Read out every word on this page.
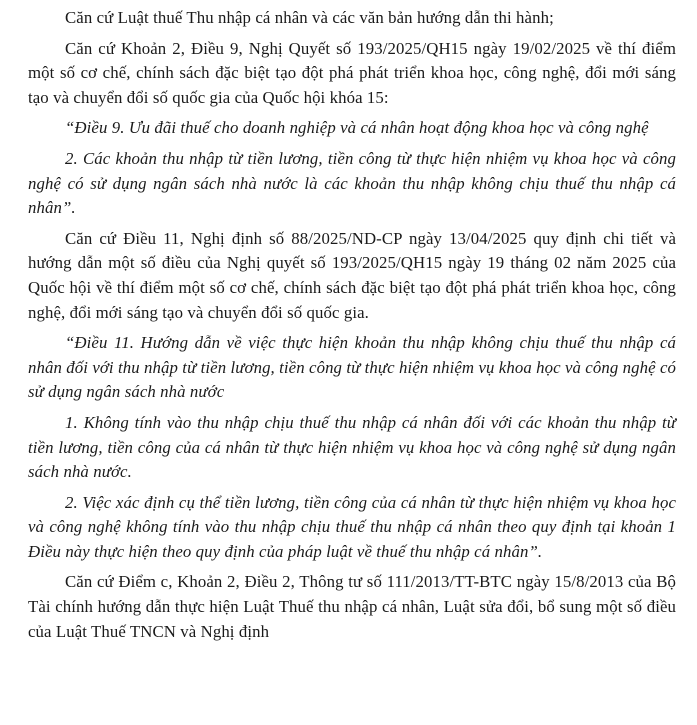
Căn cứ Luật thuế Thu nhập cá nhân và các văn bản hướng dẫn thi hành;

Căn cứ Khoản 2, Điều 9, Nghị Quyết số 193/2025/QH15 ngày 19/02/2025 về thí điểm một số cơ chế, chính sách đặc biệt tạo đột phá phát triển khoa học, công nghệ, đổi mới sáng tạo và chuyển đổi số quốc gia của Quốc hội khóa 15:

“Điều 9. Ưu đãi thuế cho doanh nghiệp và cá nhân hoạt động khoa học và công nghệ

2. Các khoản thu nhập từ tiền lương, tiền công từ thực hiện nhiệm vụ khoa học và công nghệ có sử dụng ngân sách nhà nước là các khoản thu nhập không chịu thuế thu nhập cá nhân”.

Căn cứ Điều 11, Nghị định số 88/2025/ND-CP ngày 13/04/2025 quy định chi tiết và hướng dẫn một số điều của Nghị quyết số 193/2025/QH15 ngày 19 tháng 02 năm 2025 của Quốc hội về thí điểm một số cơ chế, chính sách đặc biệt tạo đột phá phát triển khoa học, công nghệ, đổi mới sáng tạo và chuyển đổi số quốc gia.

“Điều 11. Hướng dẫn về việc thực hiện khoản thu nhập không chịu thuế thu nhập cá nhân đối với thu nhập từ tiền lương, tiền công từ thực hiện nhiệm vụ khoa học và công nghệ có sử dụng ngân sách nhà nước

1. Không tính vào thu nhập chịu thuế thu nhập cá nhân đối với các khoản thu nhập từ tiền lương, tiền công của cá nhân từ thực hiện nhiệm vụ khoa học và công nghệ sử dụng ngân sách nhà nước.

2. Việc xác định cụ thể tiền lương, tiền công của cá nhân từ thực hiện nhiệm vụ khoa học và công nghệ không tính vào thu nhập chịu thuế thu nhập cá nhân theo quy định tại khoản 1 Điều này thực hiện theo quy định của pháp luật về thuế thu nhập cá nhân”.

Căn cứ Điểm c, Khoản 2, Điều 2, Thông tư số 111/2013/TT-BTC ngày 15/8/2013 của Bộ Tài chính hướng dẫn thực hiện Luật Thuế thu nhập cá nhân, Luật sửa đổi, bổ sung một số điều của Luật Thuế TNCN và Nghị định
